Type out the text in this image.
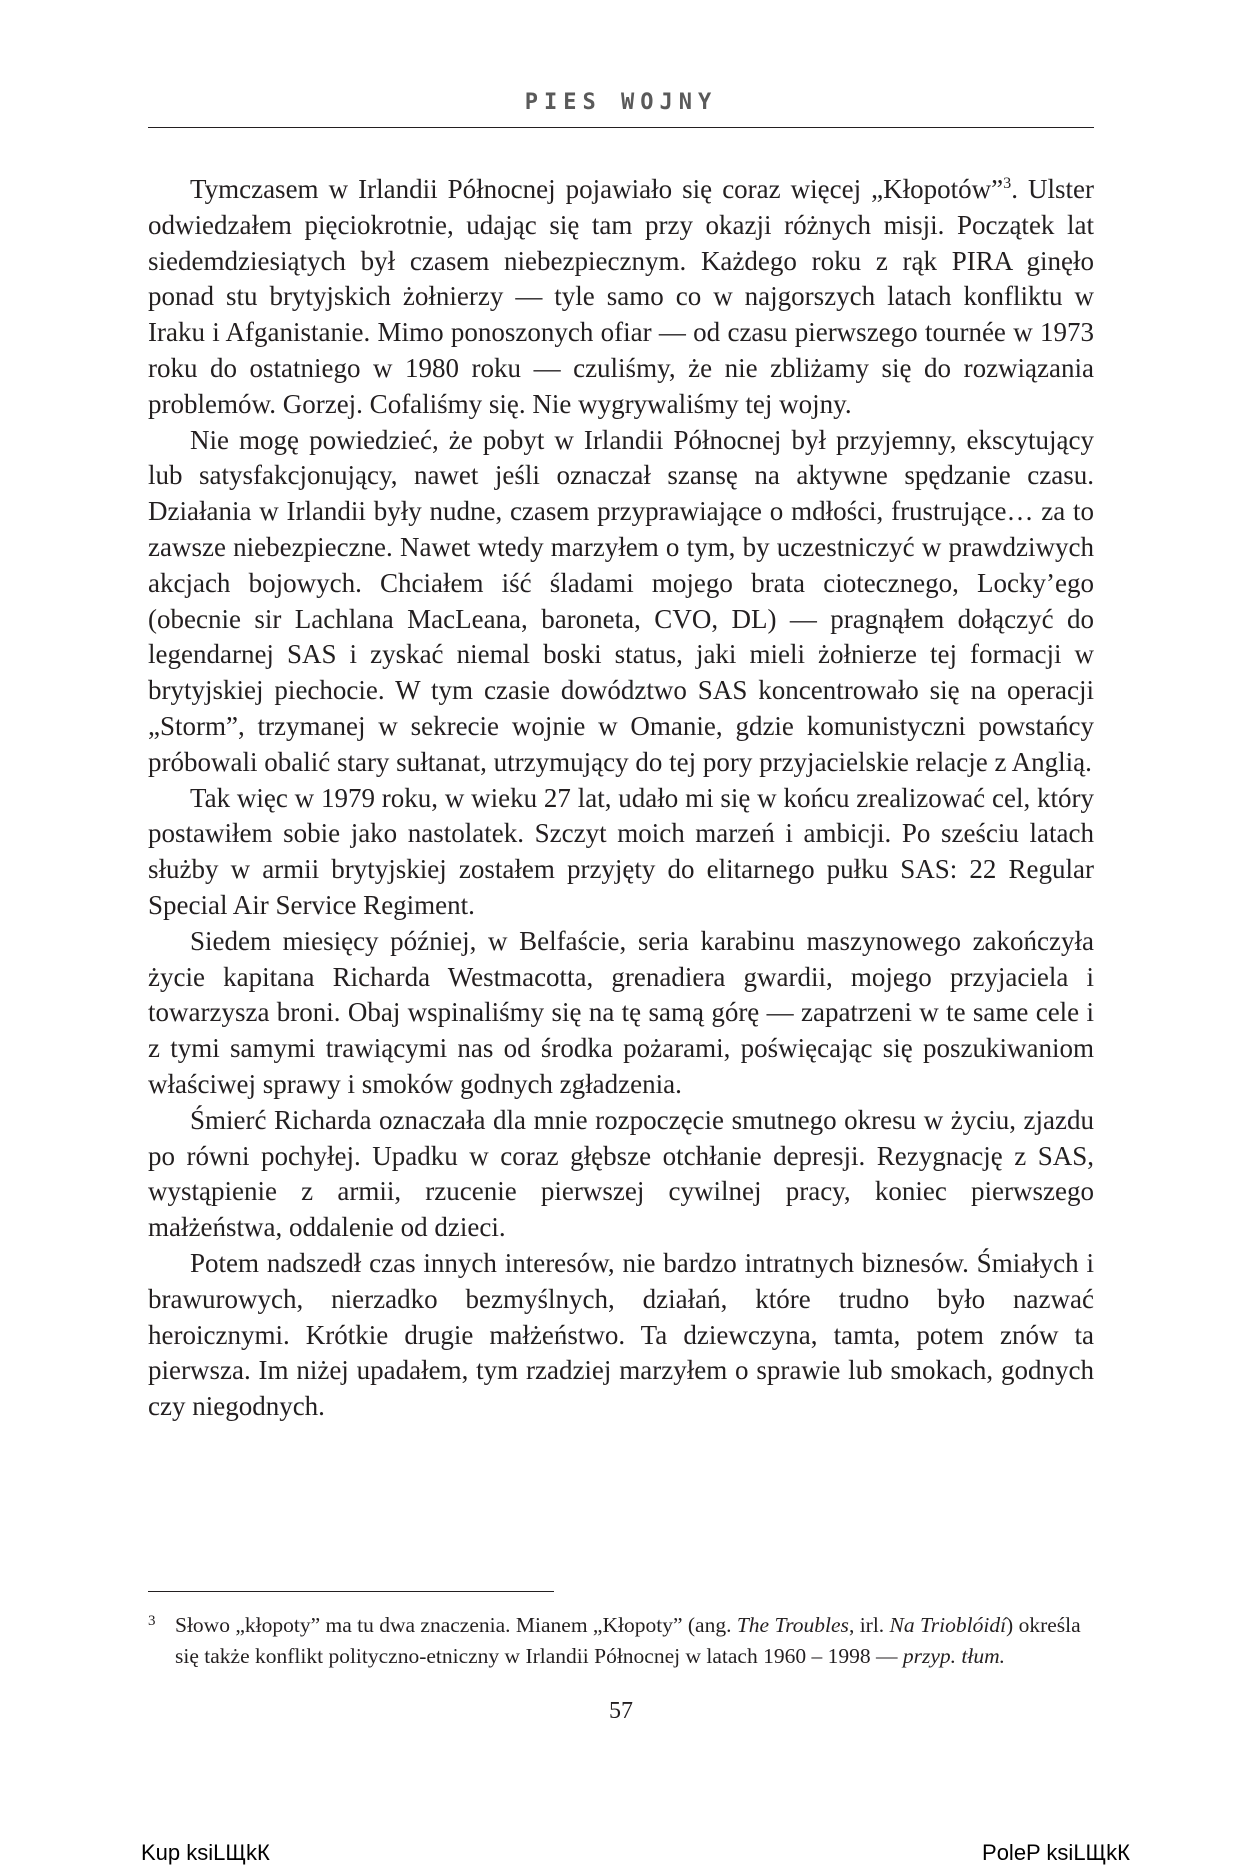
PIES WOJNY

Tymczasem w Irlandii Północnej pojawiało się coraz więcej „Kłopotów”$^3$. Ulster odwiedzałem pięciokrotnie, udając się tam przy okazji różnych misji. Początek lat siedemdziesiątych był czasem niebezpiecznym. Każdego roku z rąk PIRA ginęło ponad stu brytyjskich żołnierzy — tyle samo co w najgorszych latach konfliktu w Iraku i Afganistanie. Mimo ponoszonych ofiar — od czasu pierwszego tournée w 1973 roku do ostatniego w 1980 roku — czuliśmy, że nie zbliżamy się do rozwiązania problemów. Gorzej. Cofaliśmy się. Nie wygrywaliśmy tej wojny.

Nie mogę powiedzieć, że pobyt w Irlandii Północnej był przyjemny, ekscytujący lub satysfakcjonujący, nawet jeśli oznaczał szansę na aktywne spędzanie czasu. Działania w Irlandii były nudne, czasem przyprawiające o mdłości, frustrujące… za to zawsze niebezpieczne. Nawet wtedy marzyłem o tym, by uczestniczyć w prawdziwych akcjach bojowych. Chciałem iść śladami mojego brata ciotecznego, Locky’ego (obecnie sir Lachlana MacLeana, baroneta, CVO, DL) — pragnąłem dołączyć do legendarnej SAS i zyskać niemal boski status, jaki mieli żołnierze tej formacji w brytyjskiej piechocie. W tym czasie dowództwo SAS koncentrowało się na operacji „Storm”, trzymanej w sekrecie wojnie w Omanie, gdzie komunistyczni powstańcy próbowali obalić stary sułtanat, utrzymujący do tej pory przyjacielskie relacje z Anglią.

Tak więc w 1979 roku, w wieku 27 lat, udało mi się w końcu zrealizować cel, który postawiłem sobie jako nastolatek. Szczyt moich marzeń i ambicji. Po sześciu latach służby w armii brytyjskiej zostałem przyjęty do elitarnego pułku SAS: 22 Regular Special Air Service Regiment.

Siedem miesięcy później, w Belfaście, seria karabinu maszynowego zakończyła życie kapitana Richarda Westmacotta, grenadiera gwardii, mojego przyjaciela i towarzysza broni. Obaj wspinaliśmy się na tę samą górę — zapatrzeni w te same cele i z tymi samymi trawiącymi nas od środka pożarami, poświęcając się poszukiwaniom właściwej sprawy i smoków godnych zgładzenia.

Śmierć Richarda oznaczała dla mnie rozpoczęcie smutnego okresu w życiu, zjazdu po równi pochyłej. Upadku w coraz głębsze otchłanie depresji. Rezygnację z SAS, wystąpienie z armii, rzucenie pierwszej cywilnej pracy, koniec pierwszego małżeństwa, oddalenie od dzieci.

Potem nadszedł czas innych interesów, nie bardzo intratnych biznesów. Śmiałych i brawurowych, nierzadko bezmyślnych, działań, które trudno było nazwać heroicznymi. Krótkie drugie małżeństwo. Ta dziewczyna, tamta, potem znów ta pierwsza. Im niżej upadałem, tym rzadziej marzyłem o sprawie lub smokach, godnych czy niegodnych.

3 Słowo „kłopoty” ma tu dwa znaczenia. Mianem „Kłopoty” (ang. The Troubles, irl. Na Trioblóidí) określa się także konflikt polityczno-etniczny w Irlandii Północnej w latach 1960 – 1998 — przyp. tłum.

57
Kup ksiLЩkК	PoleP ksiLЩkК
